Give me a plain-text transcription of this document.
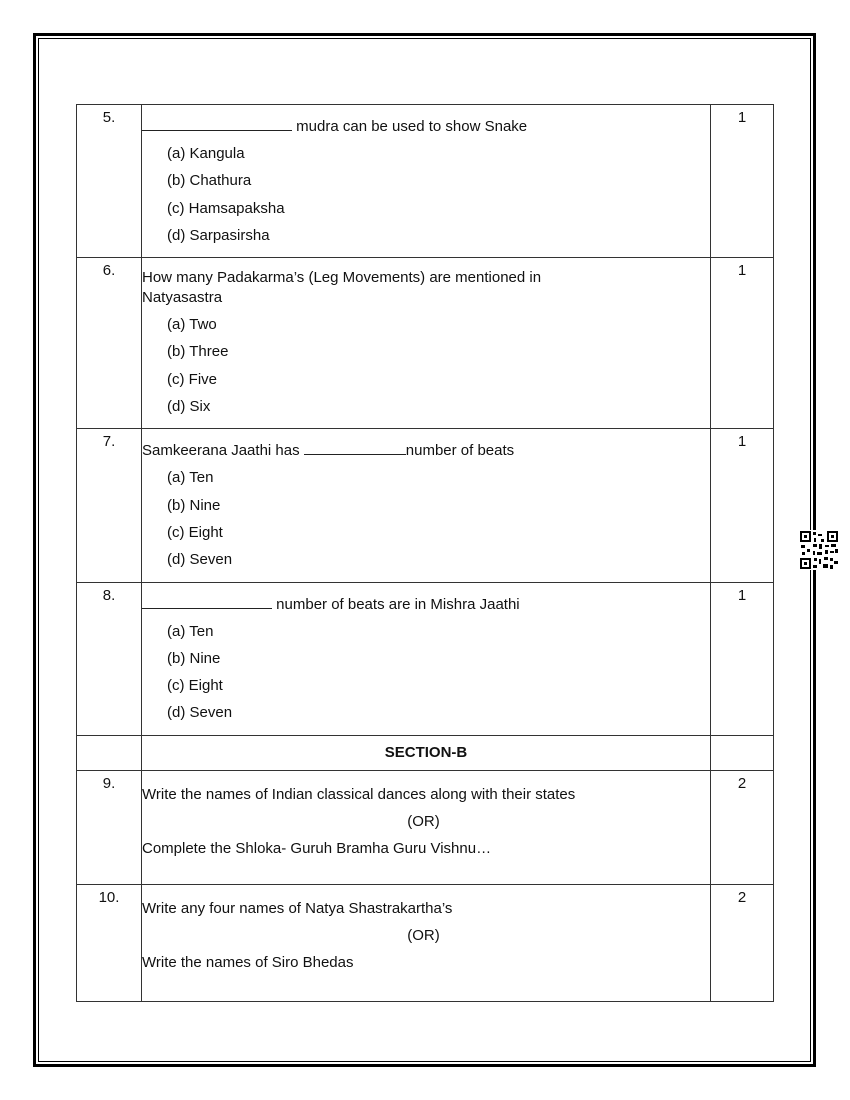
5.	mudra can be used to show Snake
(a) Kangula
(b) Chathura
(c) Hamsapaksha
(d) Sarpasirsha	1
6.	How many Padakarma’s (Leg Movements) are mentioned in Natyasastra
(a) Two
(b) Three
(c) Five
(d) Six	1
7.	Samkeerana Jaathi has number of beats
(a) Ten
(b) Nine
(c) Eight
(d) Seven	1
8.	number of beats are in Mishra Jaathi
(a) Ten
(b) Nine
(c) Eight
(d) Seven	1
	SECTION-B	
9.	Write the names of Indian classical dances along with their states
(OR)
Complete the Shloka- Guruh Bramha Guru Vishnu…	2
10.	Write any four names of Natya Shastrakartha’s
(OR)
Write the names of Siro Bhedas	2
